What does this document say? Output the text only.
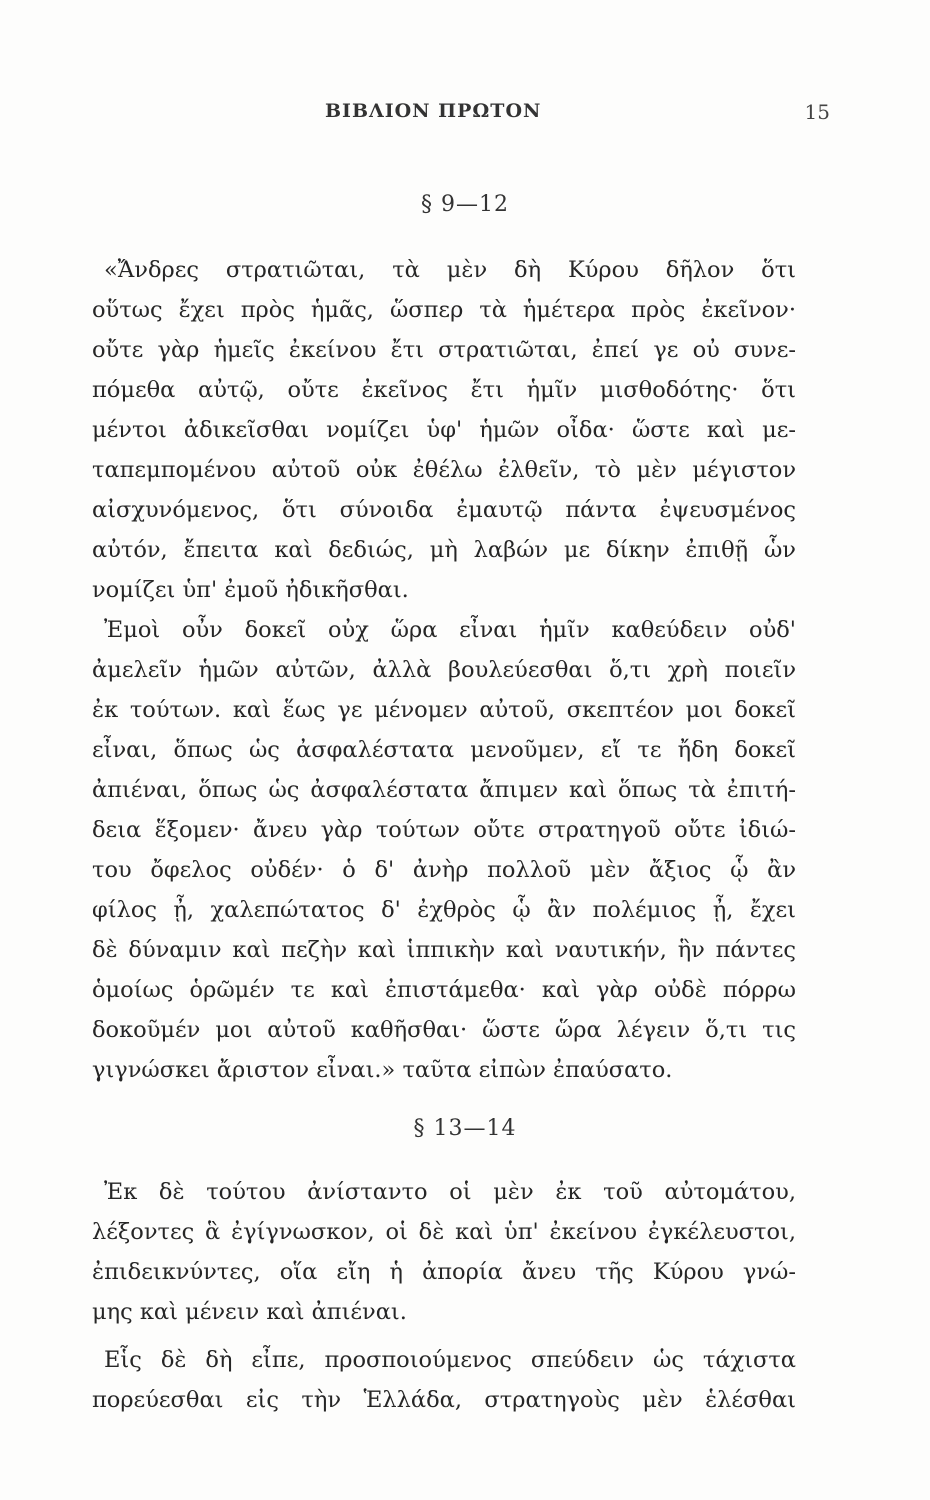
ΒΙΒΛΙΟΝ ΠΡΩΤΟΝ	15
§ 9—12
«Ἄνδρες στρατιῶται, τὰ μὲν δὴ Κύρου δῆλον ὅτι
οὕτως ἔχει πρὸς ἡμᾶς, ὥσπερ τὰ ἡμέτερα πρὸς ἐκεῖνον·
οὔτε γὰρ ἡμεῖς ἐκείνου ἔτι στρατιῶται, ἐπεί γε οὐ συνε-
πόμεθα αὐτῷ, οὔτε ἐκεῖνος ἔτι ἡμῖν μισθοδότης· ὅτι
μέντοι ἀδικεῖσθαι νομίζει ὑφ' ἡμῶν οἶδα· ὥστε καὶ με-
ταπεμπομένου αὐτοῦ οὐκ ἐθέλω ἐλθεῖν, τὸ μὲν μέγιστον
αἰσχυνόμενος, ὅτι σύνοιδα ἐμαυτῷ πάντα ἐψευσμένος
αὐτόν, ἔπειτα καὶ δεδιώς, μὴ λαβών με δίκην ἐπιθῇ ὧν
νομίζει ὑπ' ἐμοῦ ἠδικῆσθαι.
Ἐμοὶ οὖν δοκεῖ οὐχ ὥρα εἶναι ἡμῖν καθεύδειν οὐδ'
ἀμελεῖν ἡμῶν αὐτῶν, ἀλλὰ βουλεύεσθαι ὅ,τι χρὴ ποιεῖν
ἐκ τούτων. καὶ ἕως γε μένομεν αὐτοῦ, σκεπτέον μοι δοκεῖ
εἶναι, ὅπως ὡς ἀσφαλέστατα μενοῦμεν, εἴ τε ἤδη δοκεῖ
ἀπιέναι, ὅπως ὡς ἀσφαλέστατα ἄπιμεν καὶ ὅπως τὰ ἐπιτή-
δεια ἕξομεν· ἄνευ γὰρ τούτων οὔτε στρατηγοῦ οὔτε ἰδιώ-
του ὄφελος οὐδέν· ὁ δ' ἀνὴρ πολλοῦ μὲν ἄξιος ᾧ ἂν
φίλος ᾖ, χαλεπώτατος δ' ἐχθρὸς ᾧ ἂν πολέμιος ᾖ, ἔχει
δὲ δύναμιν καὶ πεζὴν καὶ ἱππικὴν καὶ ναυτικήν, ἣν πάντες
ὁμοίως ὁρῶμέν τε καὶ ἐπιστάμεθα· καὶ γὰρ οὐδὲ πόρρω
δοκοῦμέν μοι αὐτοῦ καθῆσθαι· ὥστε ὥρα λέγειν ὅ,τι τις
γιγνώσκει ἄριστον εἶναι.» ταῦτα εἰπὼν ἐπαύσατο.
§ 13—14
Ἐκ δὲ τούτου ἀνίσταντο οἱ μὲν ἐκ τοῦ αὐτομάτου,
λέξοντες ἃ ἐγίγνωσκον, οἱ δὲ καὶ ὑπ' ἐκείνου ἐγκέλευστοι,
ἐπιδεικνύντες, οἵα εἴη ἡ ἀπορία ἄνευ τῆς Κύρου γνώ-
μης καὶ μένειν καὶ ἀπιέναι.
Εἷς δὲ δὴ εἶπε, προσποιούμενος σπεύδειν ὡς τάχιστα
πορεύεσθαι εἰς τὴν Ἑλλάδα, στρατηγοὺς μὲν ἑλέσθαι
